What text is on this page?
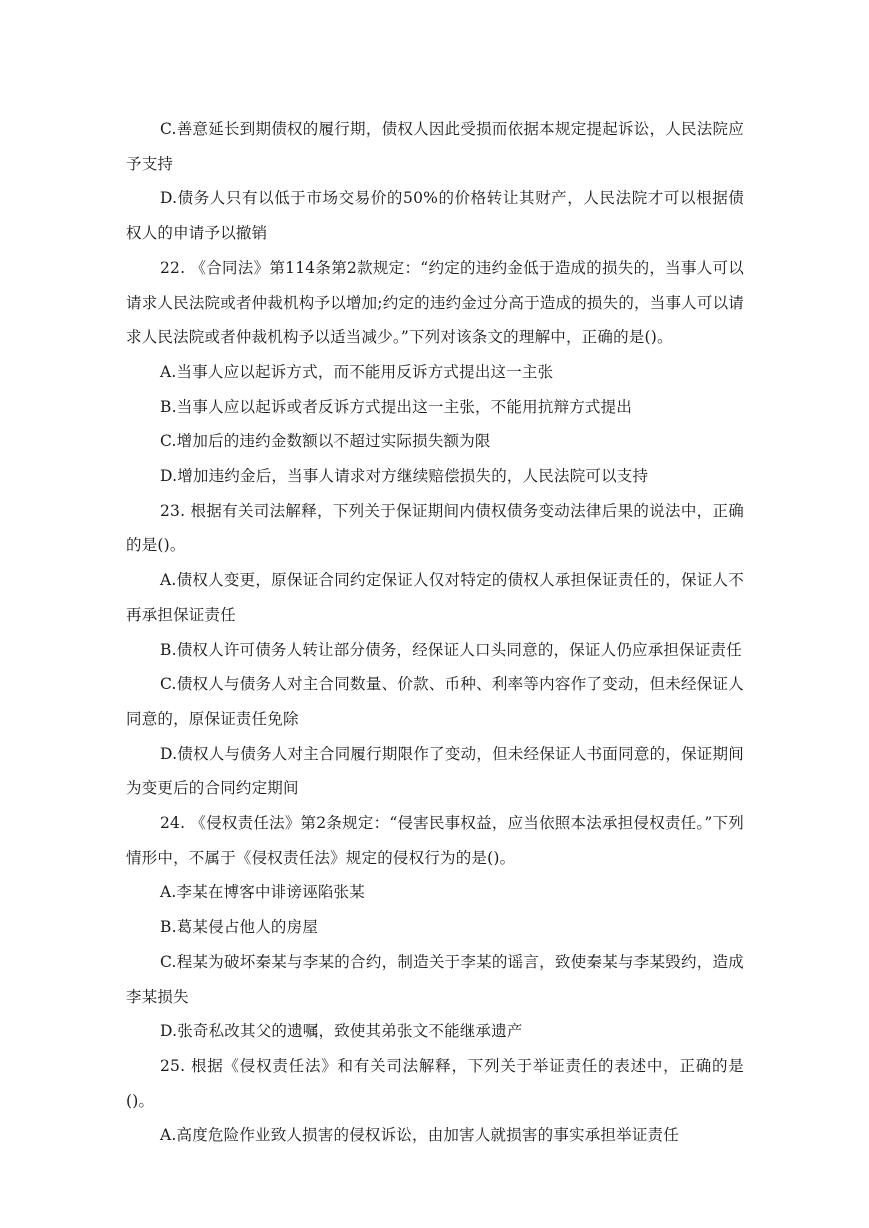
C.善意延长到期债权的履行期，债权人因此受损而依据本规定提起诉讼，人民法院应予支持

D.债务人只有以低于市场交易价的50%的价格转让其财产，人民法院才可以根据债权人的申请予以撤销

22. 《合同法》第114条第2款规定：“约定的违约金低于造成的损失的，当事人可以请求人民法院或者仲裁机构予以增加;约定的违约金过分高于造成的损失的，当事人可以请求人民法院或者仲裁机构予以适当减少。”下列对该条文的理解中，正确的是()。

A.当事人应以起诉方式，而不能用反诉方式提出这一主张

B.当事人应以起诉或者反诉方式提出这一主张，不能用抗辩方式提出

C.增加后的违约金数额以不超过实际损失额为限

D.增加违约金后，当事人请求对方继续赔偿损失的，人民法院可以支持

23. 根据有关司法解释，下列关于保证期间内债权债务变动法律后果的说法中，正确的是()。

A.债权人变更，原保证合同约定保证人仅对特定的债权人承担保证责任的，保证人不再承担保证责任

B.债权人许可债务人转让部分债务，经保证人口头同意的，保证人仍应承担保证责任

C.债权人与债务人对主合同数量、价款、币种、利率等内容作了变动，但未经保证人同意的，原保证责任免除

D.债权人与债务人对主合同履行期限作了变动，但未经保证人书面同意的，保证期间为变更后的合同约定期间

24. 《侵权责任法》第2条规定：“侵害民事权益，应当依照本法承担侵权责任。”下列情形中，不属于《侵权责任法》规定的侵权行为的是()。

A.李某在博客中诽谤诬陷张某

B.葛某侵占他人的房屋

C.程某为破坏秦某与李某的合约，制造关于李某的谣言，致使秦某与李某毁约，造成李某损失

D.张奇私改其父的遗嘱，致使其弟张文不能继承遗产

25. 根据《侵权责任法》和有关司法解释，下列关于举证责任的表述中，正确的是()。

A.高度危险作业致人损害的侵权诉讼，由加害人就损害的事实承担举证责任
